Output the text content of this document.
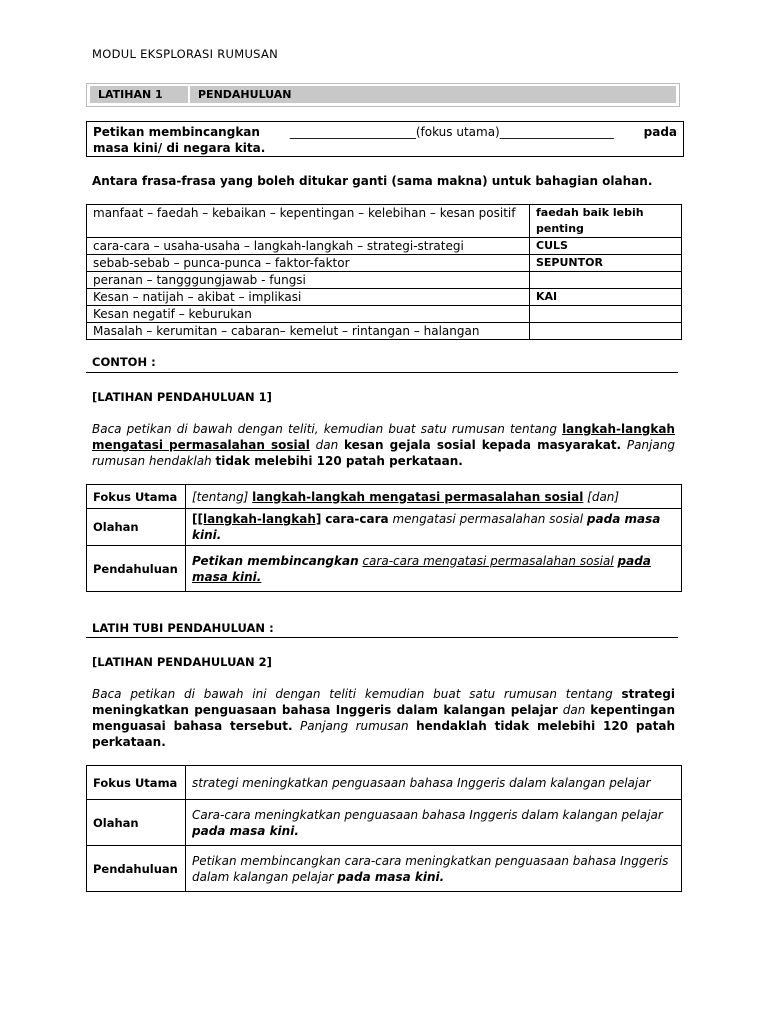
MODUL EKSPLORASI RUMUSAN
LATIHAN 1	PENDAHULUAN
Petikan membincangkan _____________________(fokus utama)___________________ pada
masa kini/ di negara kita.
Antara frasa-frasa yang boleh ditukar ganti (sama makna) untuk bahagian olahan.
manfaat – faedah – kebaikan – kepentingan – kelebihan – kesan positif	faedah baik lebih penting
cara-cara – usaha-usaha – langkah-langkah – strategi-strategi	CULS
sebab-sebab – punca-punca – faktor-faktor	SEPUNTOR
peranan – tangggungjawab - fungsi	
Kesan – natijah – akibat – implikasi	KAI
Kesan negatif – keburukan	
Masalah – kerumitan – cabaran– kemelut – rintangan – halangan	
CONTOH :
[LATIHAN PENDAHULUAN 1]
Baca petikan di bawah dengan teliti, kemudian buat satu rumusan tentang langkah-langkah mengatasi permasalahan sosial dan kesan gejala sosial kepada masyarakat. Panjang rumusan hendaklah tidak melebihi 120 patah perkataan.
Fokus Utama	[tentang] langkah-langkah mengatasi permasalahan sosial [dan]
Olahan	[[langkah-langkah] cara-cara mengatasi permasalahan sosial pada masa kini.
Pendahuluan	Petikan membincangkan cara-cara mengatasi permasalahan sosial pada masa kini.
LATIH TUBI PENDAHULUAN :
[LATIHAN PENDAHULUAN 2]
Baca petikan di bawah ini dengan teliti kemudian buat satu rumusan tentang strategi meningkatkan penguasaan bahasa Inggeris dalam kalangan pelajar dan kepentingan menguasai bahasa tersebut. Panjang rumusan hendaklah tidak melebihi 120 patah perkataan.
Fokus Utama	strategi meningkatkan penguasaan bahasa Inggeris dalam kalangan pelajar
Olahan	Cara-cara meningkatkan penguasaan bahasa Inggeris dalam kalangan pelajar pada masa kini.
Pendahuluan	Petikan membincangkan cara-cara meningkatkan penguasaan bahasa Inggeris dalam kalangan pelajar pada masa kini.
